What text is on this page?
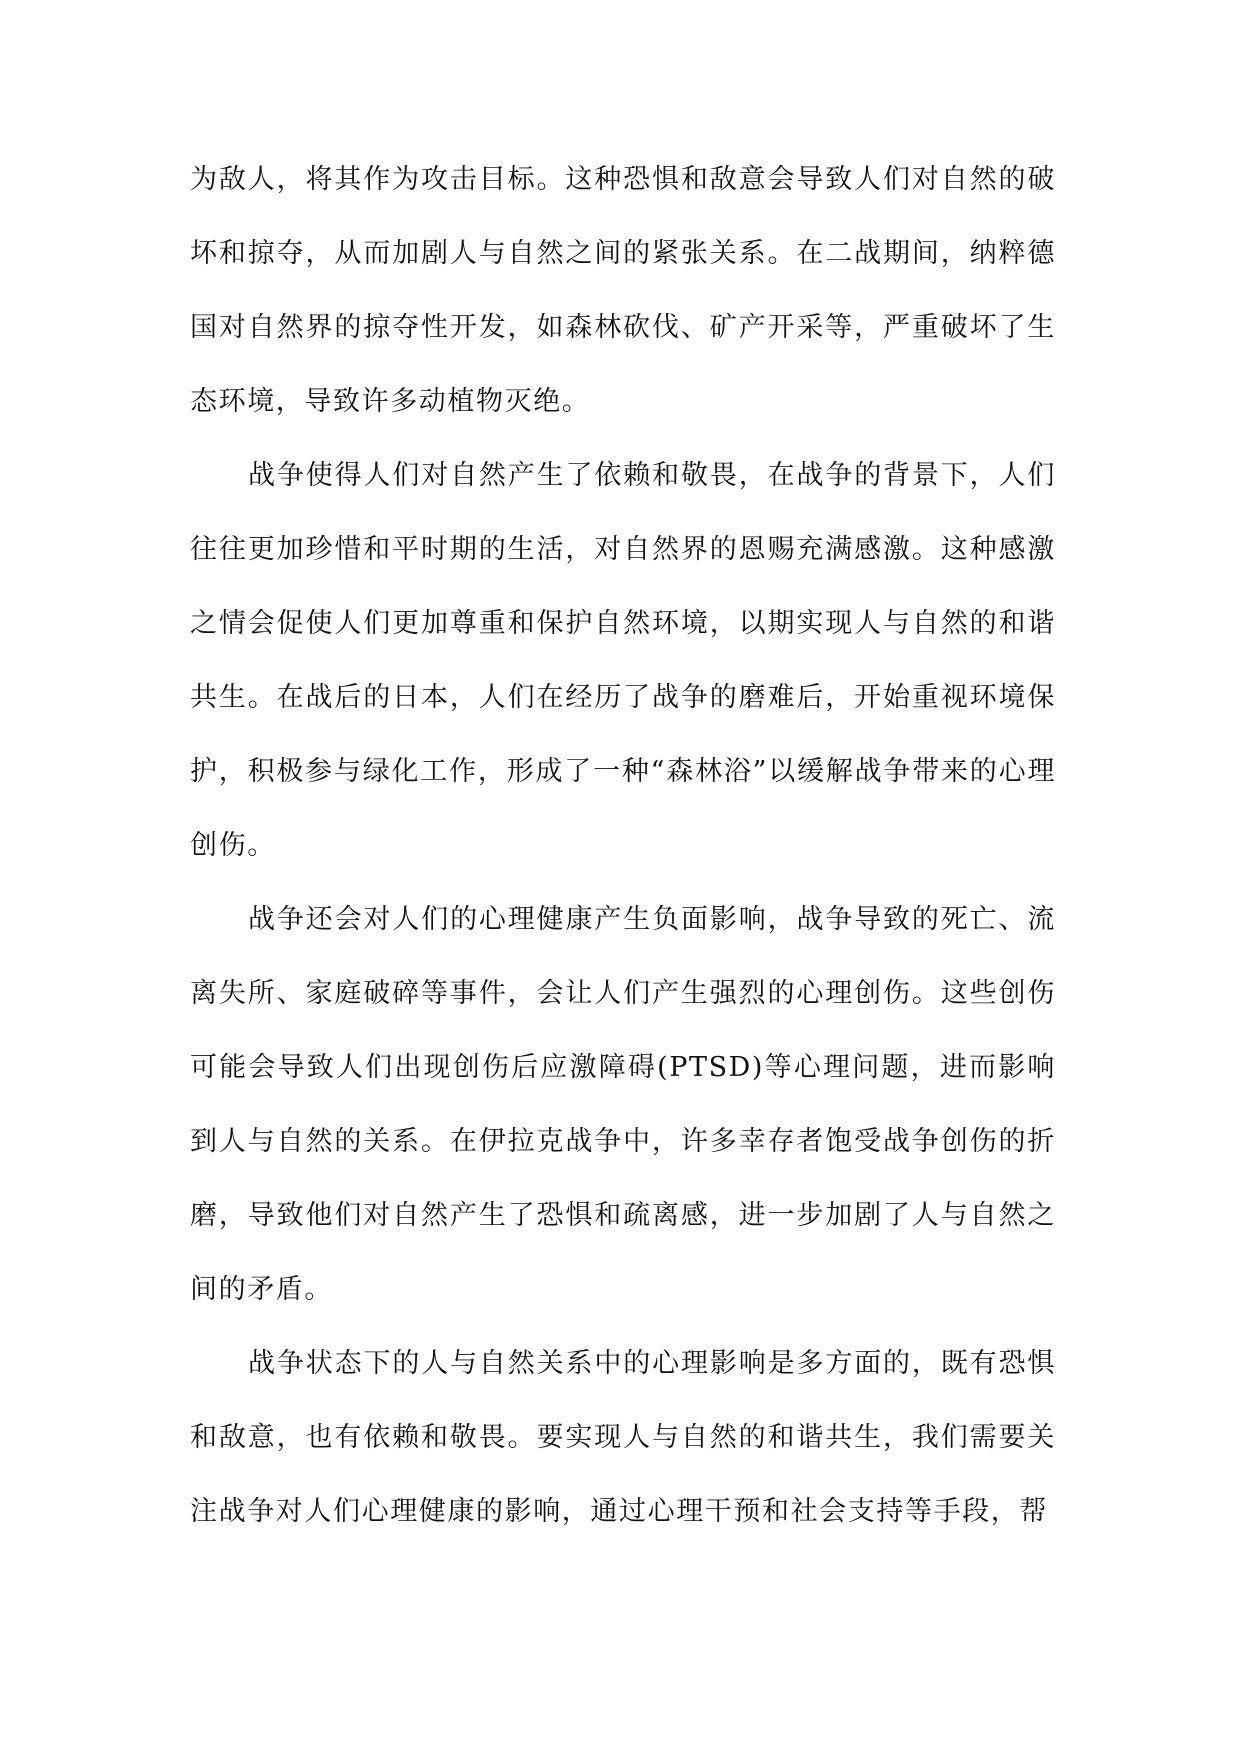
为敌人，将其作为攻击目标。这种恐惧和敌意会导致人们对自然的破坏和掠夺，从而加剧人与自然之间的紧张关系。在二战期间，纳粹德国对自然界的掠夺性开发，如森林砍伐、矿产开采等，严重破坏了生态环境，导致许多动植物灭绝。

战争使得人们对自然产生了依赖和敬畏，在战争的背景下，人们往往更加珍惜和平时期的生活，对自然界的恩赐充满感激。这种感激之情会促使人们更加尊重和保护自然环境，以期实现人与自然的和谐共生。在战后的日本，人们在经历了战争的磨难后，开始重视环境保护，积极参与绿化工作，形成了一种“森林浴”以缓解战争带来的心理创伤。

战争还会对人们的心理健康产生负面影响，战争导致的死亡、流离失所、家庭破碎等事件，会让人们产生强烈的心理创伤。这些创伤可能会导致人们出现创伤后应激障碍(PTSD)等心理问题，进而影响到人与自然的关系。在伊拉克战争中，许多幸存者饱受战争创伤的折磨，导致他们对自然产生了恐惧和疏离感，进一步加剧了人与自然之间的矛盾。

战争状态下的人与自然关系中的心理影响是多方面的，既有恐惧和敌意，也有依赖和敬畏。要实现人与自然的和谐共生，我们需要关注战争对人们心理健康的影响，通过心理干预和社会支持等手段，帮
